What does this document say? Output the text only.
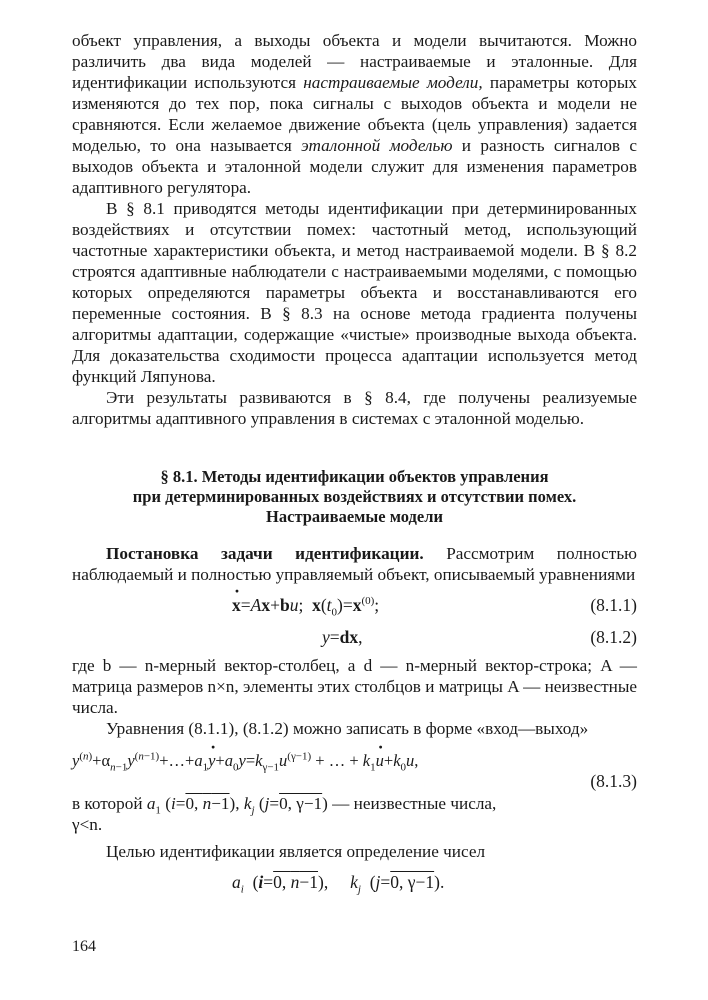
объект управления, а выходы объекта и модели вычитаются. Можно различить два вида моделей — настраиваемые и эталонные. Для идентификации используются настраиваемые модели, параметры которых изменяются до тех пор, пока сигналы с выходов объекта и модели не сравняются. Если желаемое движение объекта (цель управления) задается моделью, то она называется эталонной моделью и разность сигналов с выходов объекта и эталонной модели служит для изменения параметров адаптивного регулятора.

В § 8.1 приводятся методы идентификации при детерминированных воздействиях и отсутствии помех: частотный метод, использующий частотные характеристики объекта, и метод настраиваемой модели. В § 8.2 строятся адаптивные наблюдатели с настраиваемыми моделями, с помощью которых определяются параметры объекта и восстанавливаются его переменные состояния. В § 8.3 на основе метода градиента получены алгоритмы адаптации, содержащие «чистые» производные выхода объекта. Для доказательства сходимости процесса адаптации используется метод функций Ляпунова.

Эти результаты развиваются в § 8.4, где получены реализуемые алгоритмы адаптивного управления в системах с эталонной моделью.

§ 8.1. Методы идентификации объектов управления
при детерминированных воздействиях и отсутствии помех.
Настраиваемые модели

Постановка задачи идентификации. Рассмотрим полностью наблюдаемый и полностью управляемый объект, описываемый уравнениями

x ·=Ax+bu;  $x(t_0)=x^{(0)}$;	(8.1.1)
y=dx,	(8.1.2)

где b — n-мерный вектор-столбец, a d — n-мерный вектор-строка; A — матрица размеров n×n, элементы этих столбцов и матрицы A — неизвестные числа.

Уравнения (8.1.1), (8.1.2) можно записать в форме «вход—выход»

$y^{(n)}+\alpha_{n-1}y^{(n-1)}+\dots+a_1y \cdot+a_0y=k_{\gamma-1}u^{(\gamma-1)}$ + … + $k_1u \cdot+k_0u$,
(8.1.3)

в которой $a_1$ (i=0, n−1), $k_j$ (j=0, γ−1) — неизвестные числа,
γ<n.

Целью идентификации является определение чисел

$a_i$  (i=0, n−1),     $k_j$  (j=0, γ−1).
164
